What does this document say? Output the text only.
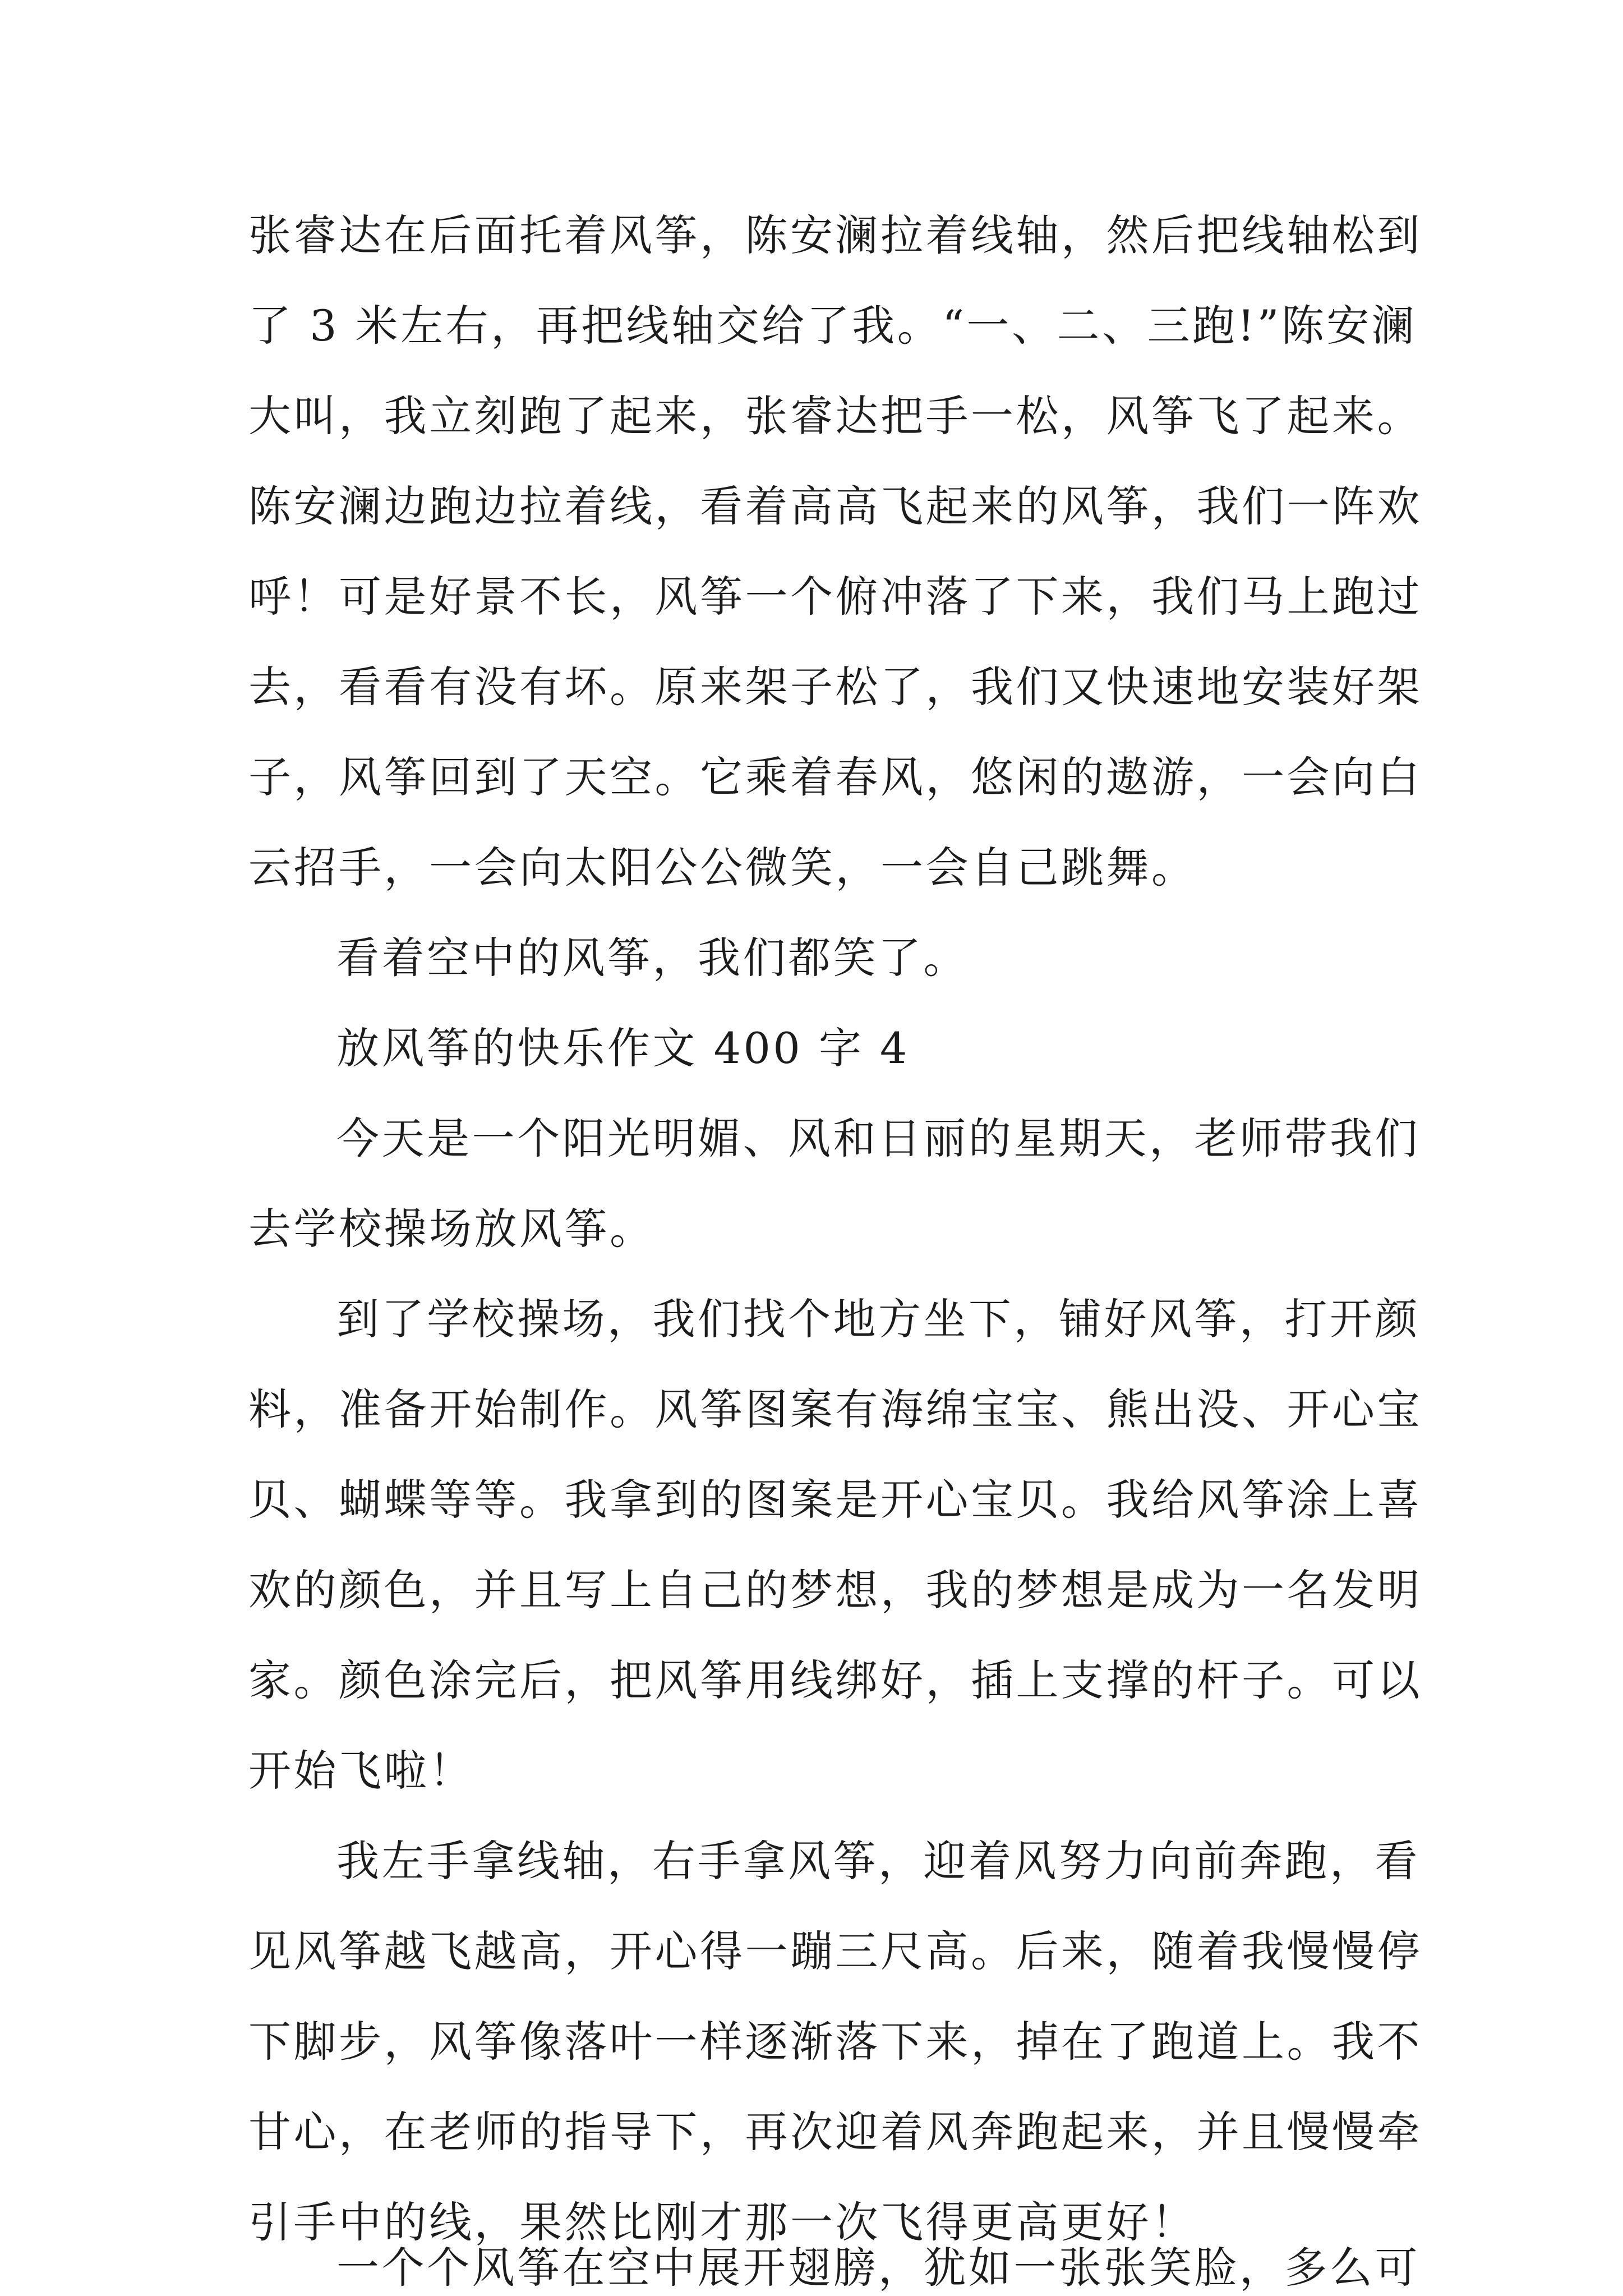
张睿达在后面托着风筝，陈安澜拉着线轴，然后把线轴松到
了 3 米左右，再把线轴交给了我。“一、二、三跑!”陈安澜
大叫，我立刻跑了起来，张睿达把手一松，风筝飞了起来。
陈安澜边跑边拉着线，看着高高飞起来的风筝，我们一阵欢
呼！可是好景不长，风筝一个俯冲落了下来，我们马上跑过
去，看看有没有坏。原来架子松了，我们又快速地安装好架
子，风筝回到了天空。它乘着春风，悠闲的遨游，一会向白
云招手，一会向太阳公公微笑，一会自己跳舞。
看着空中的风筝，我们都笑了。
放风筝的快乐作文 400 字 4
今天是一个阳光明媚、风和日丽的星期天，老师带我们
去学校操场放风筝。
到了学校操场，我们找个地方坐下，铺好风筝，打开颜
料，准备开始制作。风筝图案有海绵宝宝、熊出没、开心宝
贝、蝴蝶等等。我拿到的图案是开心宝贝。我给风筝涂上喜
欢的颜色，并且写上自己的梦想，我的梦想是成为一名发明
家。颜色涂完后，把风筝用线绑好，插上支撑的杆子。可以
开始飞啦！
我左手拿线轴，右手拿风筝，迎着风努力向前奔跑，看
见风筝越飞越高，开心得一蹦三尺高。后来，随着我慢慢停
下脚步，风筝像落叶一样逐渐落下来，掉在了跑道上。我不
甘心，在老师的指导下，再次迎着风奔跑起来，并且慢慢牵
引手中的线，果然比刚才那一次飞得更高更好！
一个个风筝在空中展开翅膀，犹如一张张笑脸，多么可
